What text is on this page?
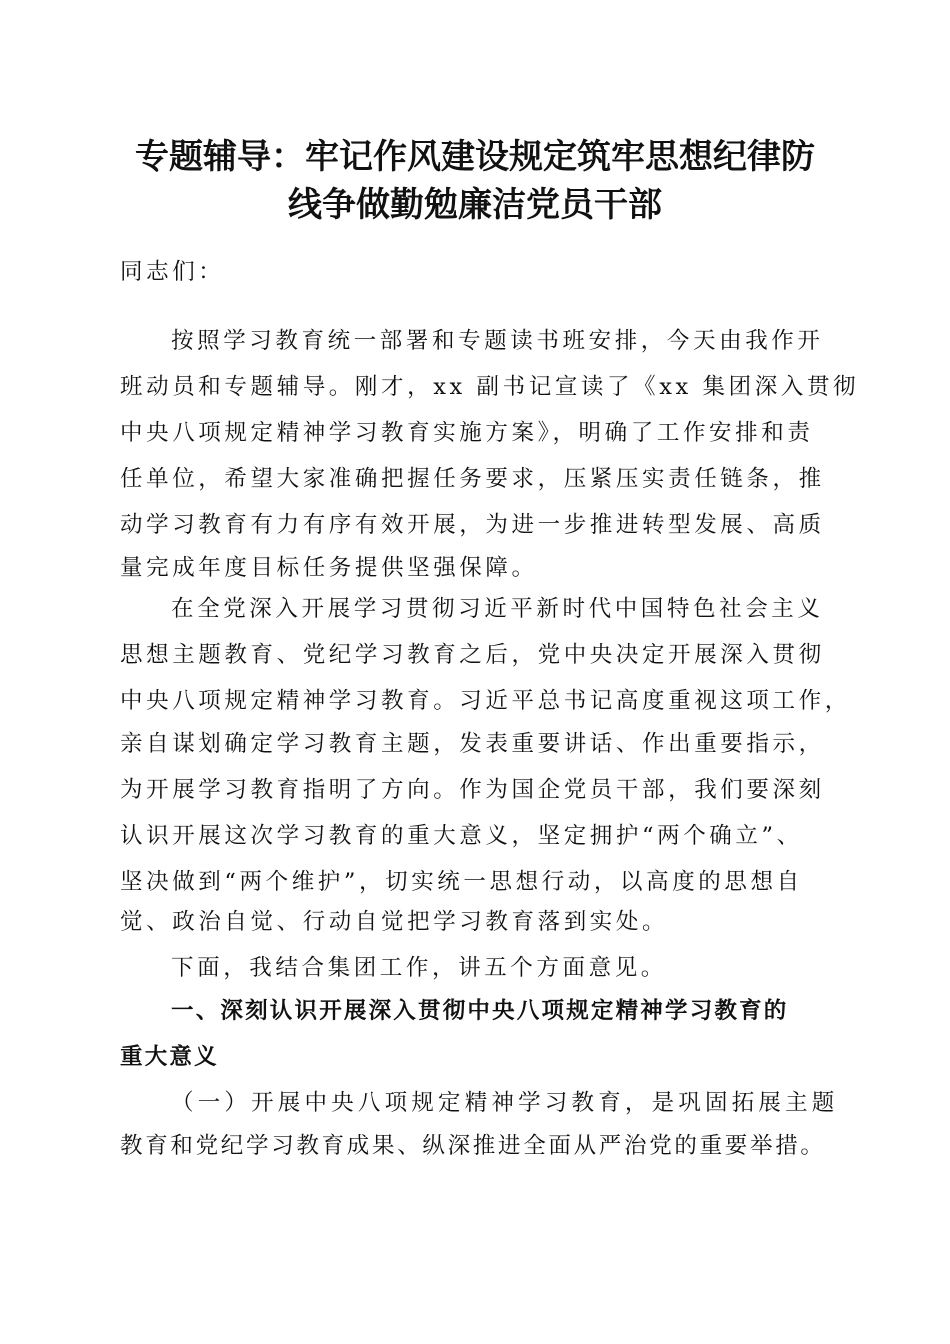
专题辅导：牢记作风建设规定筑牢思想纪律防
线争做勤勉廉洁党员干部
同志们：
按照学习教育统一部署和专题读书班安排，今天由我作开
班动员和专题辅导。刚才，xx 副书记宣读了《xx 集团深入贯彻
中央八项规定精神学习教育实施方案》，明确了工作安排和责
任单位，希望大家准确把握任务要求，压紧压实责任链条，推
动学习教育有力有序有效开展，为进一步推进转型发展、高质
量完成年度目标任务提供坚强保障。
在全党深入开展学习贯彻习近平新时代中国特色社会主义
思想主题教育、党纪学习教育之后，党中央决定开展深入贯彻
中央八项规定精神学习教育。习近平总书记高度重视这项工作，
亲自谋划确定学习教育主题，发表重要讲话、作出重要指示，
为开展学习教育指明了方向。作为国企党员干部，我们要深刻
认识开展这次学习教育的重大意义，坚定拥护“两个确立”、
坚决做到“两个维护”，切实统一思想行动，以高度的思想自
觉、政治自觉、行动自觉把学习教育落到实处。
下面，我结合集团工作，讲五个方面意见。
一、深刻认识开展深入贯彻中央八项规定精神学习教育的
重大意义
（一）开展中央八项规定精神学习教育，是巩固拓展主题
教育和党纪学习教育成果、纵深推进全面从严治党的重要举措。
